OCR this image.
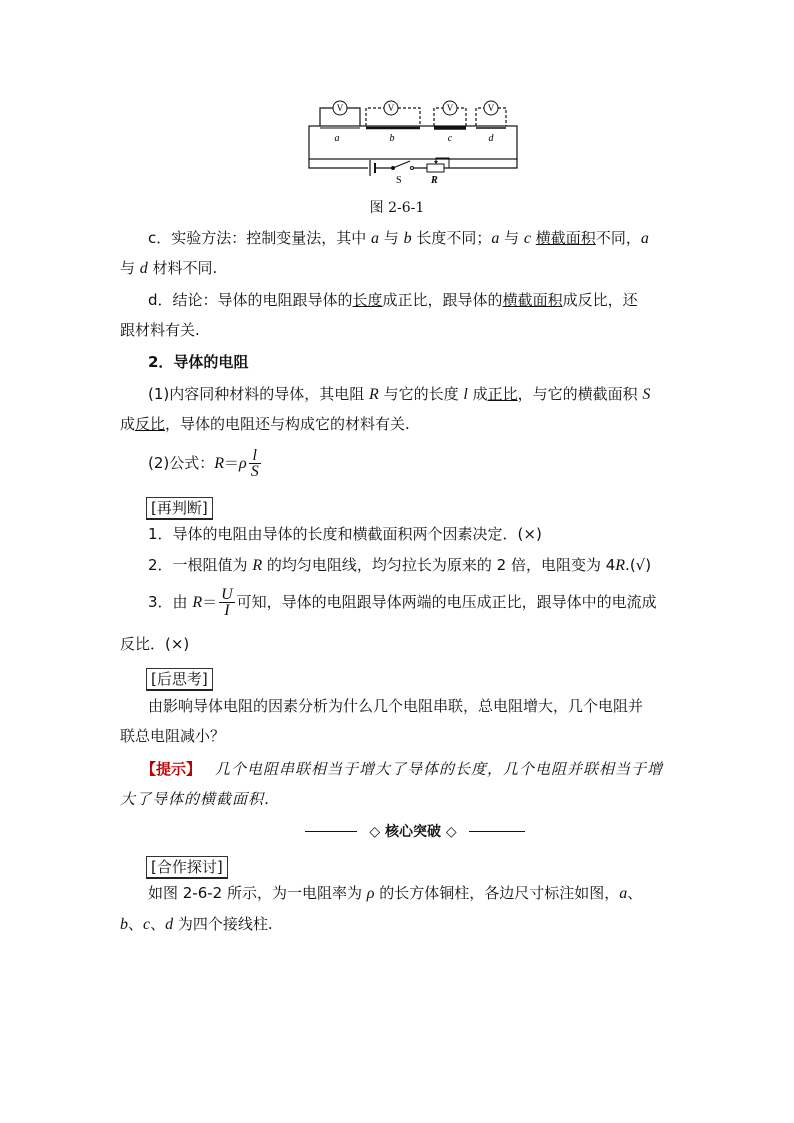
V	V	V	V
a	b	c	d
S	R
图 2-6-1
c．实验方法：控制变量法，其中 a 与 b 长度不同；a 与 c 横截面积不同，a
与 d 材料不同.
d．结论：导体的电阻跟导体的长度成正比，跟导体的横截面积成反比，还
跟材料有关.
2．导体的电阻
(1)内容同种材料的导体，其电阻 R 与它的长度 l 成正比，与它的横截面积 S
成反比，导体的电阻还与构成它的材料有关.
(2)公式：$R=\rho \frac{l}{S}$
[再判断]
1．导体的电阻由导体的长度和横截面积两个因素决定．(×)
2．一根阻值为 R 的均匀电阻线，均匀拉长为原来的 2 倍，电阻变为 4R.(√)
3．由 $R= \frac{U}{I}$ 可知，导体的电阻跟导体两端的电压成正比，跟导体中的电流成
反比．(×)
[后思考]
由影响导体电阻的因素分析为什么几个电阻串联，总电阻增大，几个电阻并
联总电阻减小？
【提示】 几个电阻串联相当于增大了导体的长度，几个电阻并联相当于增
大了导体的横截面积．
◇ 核心突破 ◇
[合作探讨]
如图 2-6-2 所示，为一电阻率为 ρ 的长方体铜柱，各边尺寸标注如图，a、
b、c、d 为四个接线柱.
